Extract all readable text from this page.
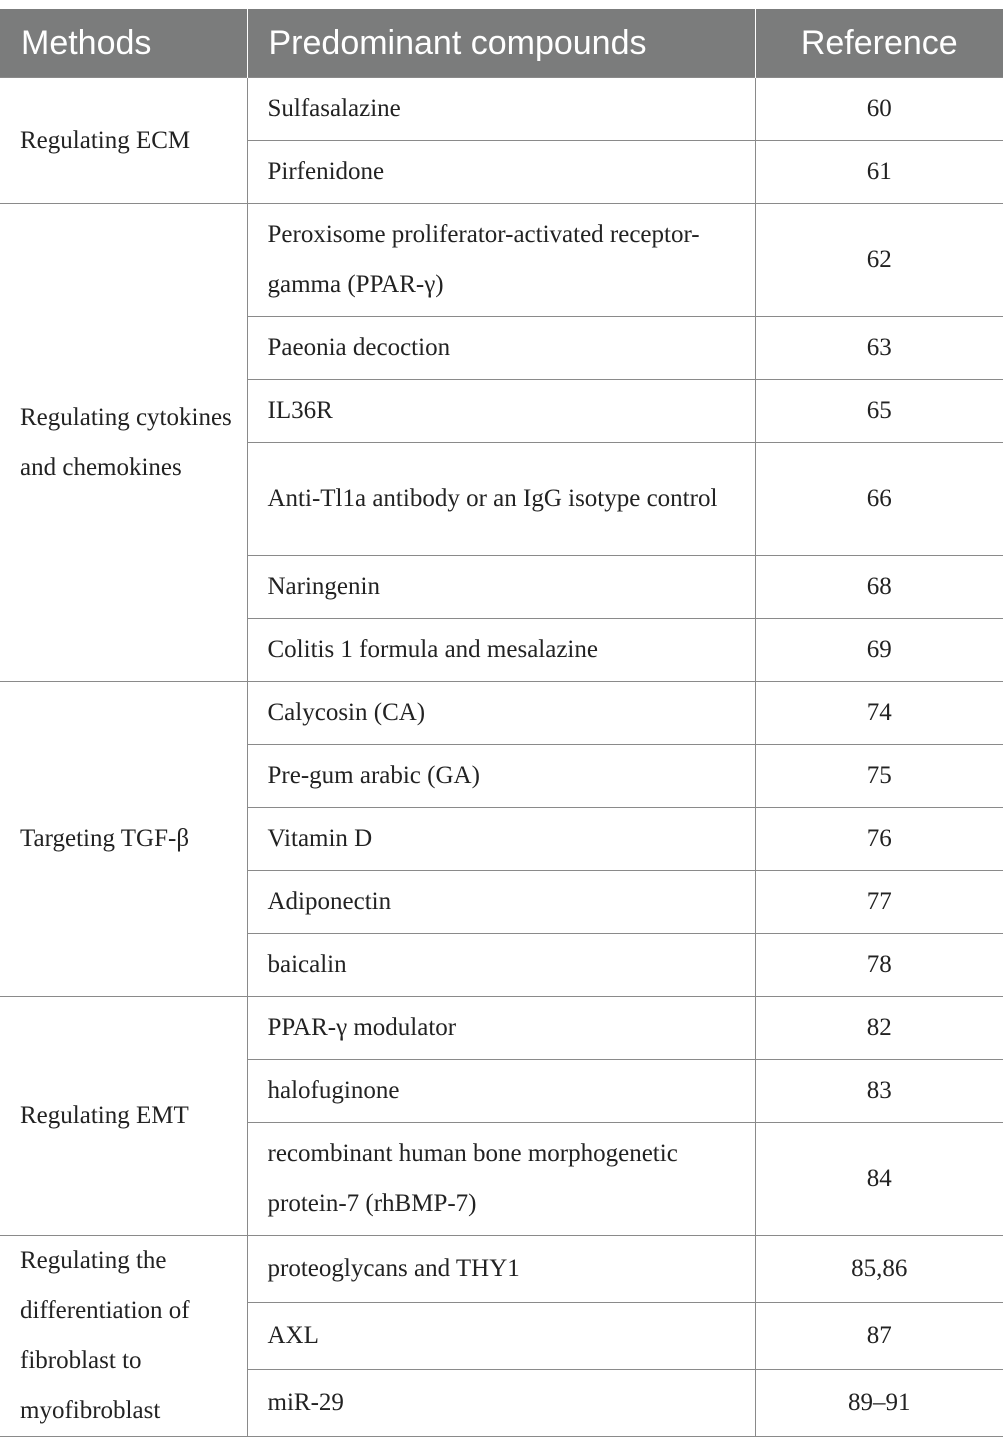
Methods	Predominant compounds	Reference
Regulating ECM	Sulfasalazine	60
	Pirfenidone	61
Regulating cytokines and chemokines	Peroxisome proliferator-activated receptor-gamma (PPAR-γ)	62
	Paeonia decoction	63
	IL36R	65
	Anti-Tl1a antibody or an IgG isotype control	66
	Naringenin	68
	Colitis 1 formula and mesalazine	69
Targeting TGF-β	Calycosin (CA)	74
	Pre-gum arabic (GA)	75
	Vitamin D	76
	Adiponectin	77
	baicalin	78
Regulating EMT	PPAR-γ modulator	82
	halofuginone	83
	recombinant human bone morphogenetic protein-7 (rhBMP-7)	84
Regulating the differentiation of fibroblast to myofibroblast	proteoglycans and THY1	85,86
	AXL	87
	miR-29	89–91
